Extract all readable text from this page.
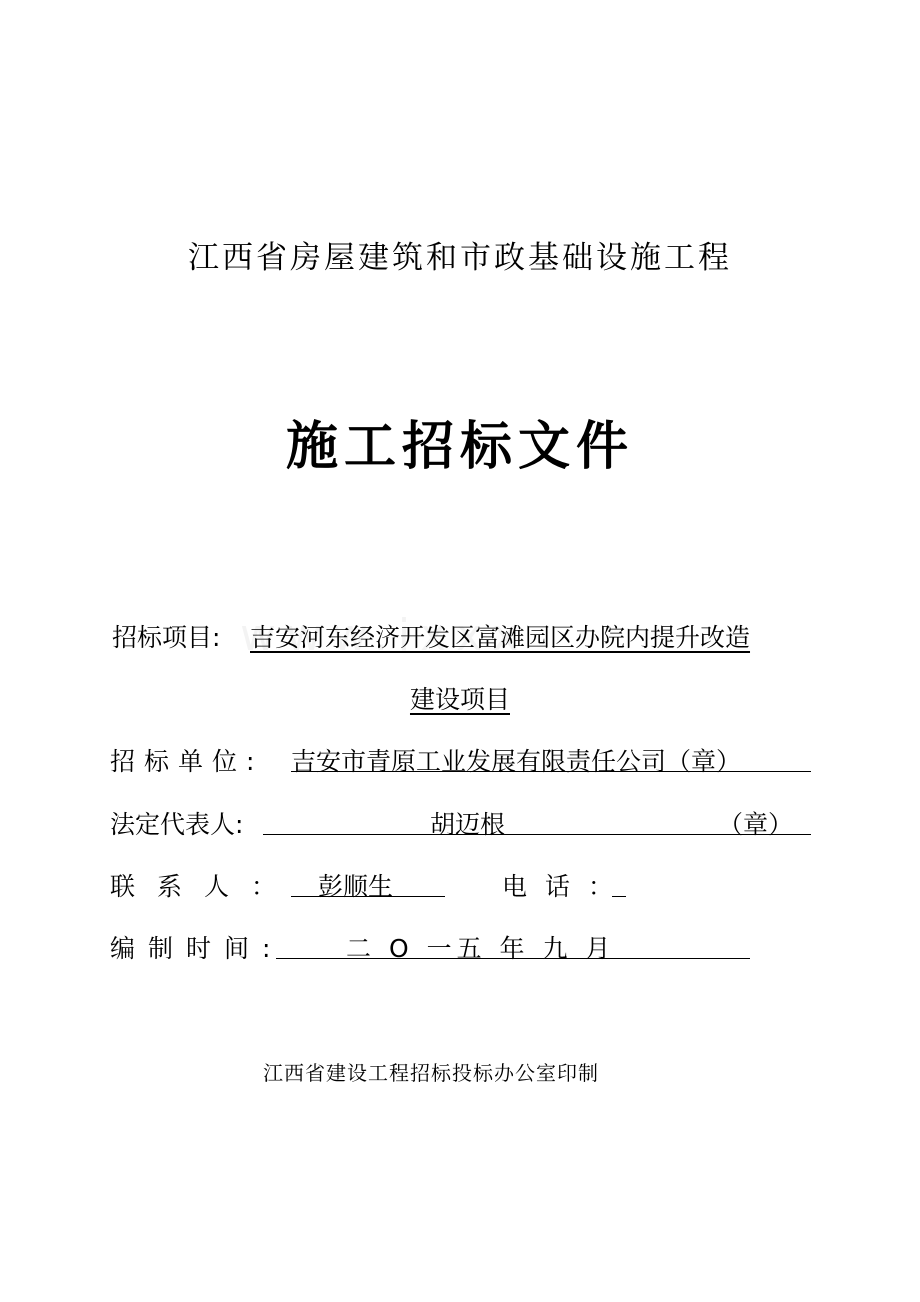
江西省房屋建筑和市政基础设施工程
施工招标文件
招标项目: 吉安河东经济开发区富滩园区办院内提升改造
建设项目
招标单位: 吉安市青原工业发展有限责任公司（章）
法定代表人:	胡迈根	（章）
联系人： 彭顺生	电话：
编制时间:	二 O 一五 年 九 月
江西省建设工程招标投标办公室印制
